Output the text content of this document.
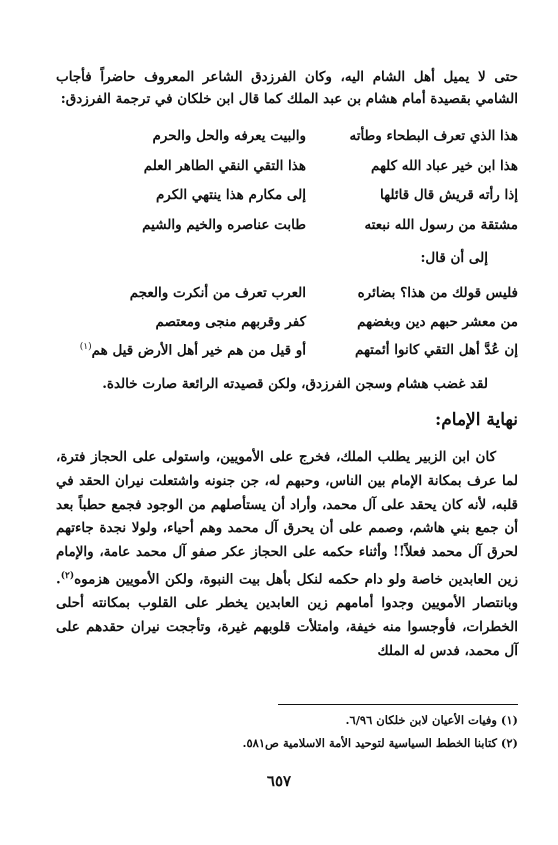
حتى لا يميل أهل الشام اليه، وكان الفرزدق الشاعر المعروف حاضراً فأجاب الشامي بقصيدة أمام هشام بن عبد الملك كما قال ابن خلكان في ترجمة الفرزدق:

هذا الذي تعرف البطحاء وطأته
والبيت يعرفه والحل والحرم
هذا ابن خير عباد الله كلهم
هذا التقي النقي الطاهر العلم
إذا رأته قريش قال قائلها
إلى مكارم هذا ينتهي الكرم
مشتقة من رسول الله نبعته
طابت عناصره والخيم والشيم
إلى أن قال:
فليس قولك من هذا؟ بضائره
العرب تعرف من أنكرت والعجم
من معشر حبهم دين وبغضهم
كفر وقربهم منجى ومعتصم
إن عُدَّ أهل التقي كانوا أئمتهم
أو قيل من هم خير أهل الأرض قيل هم$^{(١)}$
لقد غضب هشام وسجن الفرزدق، ولكن قصيدته الرائعة صارت خالدة.
نهاية الإمام:

كان ابن الزبير يطلب الملك، فخرج على الأمويين، واستولى على الحجاز فترة، لما عرف بمكانة الإمام بين الناس، وحبهم له، جن جنونه واشتعلت نيران الحقد في قلبه، لأنه كان يحقد على آل محمد، وأراد أن يستأصلهم من الوجود فجمع حطباً بعد أن جمع بني هاشم، وصمم على أن يحرق آل محمد وهم أحياء، ولولا نجدة جاءتهم لحرق آل محمد فعلاً!! وأثناء حكمه على الحجاز عكر صفو آل محمد عامة، والإمام زين العابدين خاصة ولو دام حكمه لنكل بأهل بيت النبوة، ولكن الأمويين هزموه$^{(٢)}$. وبانتصار الأمويين وجدوا أمامهم زين العابدين يخطر على القلوب بمكانته أحلى الخطرات، فأوجسوا منه خيفة، وامتلأت قلوبهم غيرة، وتأججت نيران حقدهم على آل محمد، فدس له الملك

(١) وفيات الأعيان لابن خلكان ٦/٩٦.
(٢) كتابنا الخطط السياسية لتوحيد الأمة الاسلامية ص٥٨١.
٦٥٧
